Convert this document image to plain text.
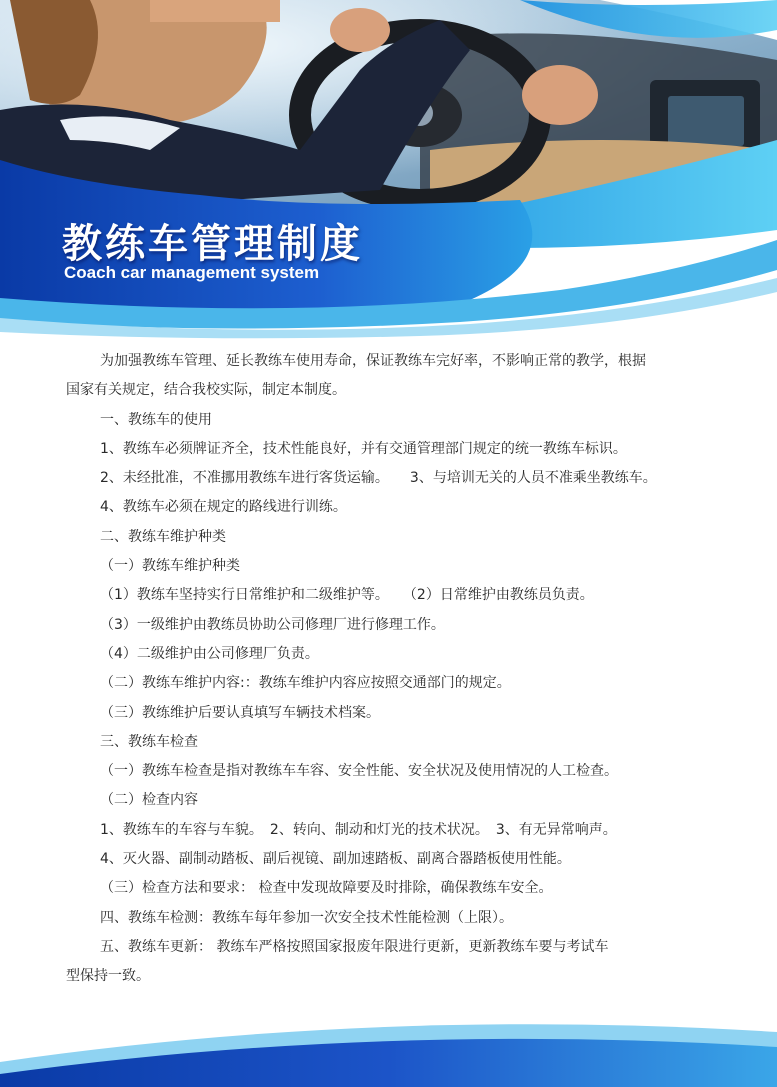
教练车管理制度

Coach car management system

为加强教练车管理、延长教练车使用寿命，保证教练车完好率，不影响正常的教学，根据

国家有关规定，结合我校实际，制定本制度。

一、教练车的使用

1、教练车必须牌证齐全，技术性能良好，并有交通管理部门规定的统一教练车标识。

2、未经批准，不准挪用教练车进行客货运输。　　3、与培训无关的人员不准乘坐教练车。

4、教练车必须在规定的路线进行训练。

二、教练车维护种类

（一）教练车维护种类

（1）教练车坚持实行日常维护和二级维护等。　　（2）日常维护由教练员负责。

（3）一级维护由教练员协助公司修理厂进行修理工作。

（4）二级维护由公司修理厂负责。

（二）教练车维护内容:：教练车维护内容应按照交通部门的规定。

（三）教练维护后要认真填写车辆技术档案。

三、教练车检查

（一）教练车检查是指对教练车车容、安全性能、安全状况及使用情况的人工检查。

（二）检查内容

1、教练车的车容与车貌。　2、转向、制动和灯光的技术状况。　3、有无异常响声。

4、灭火器、副制动踏板、副后视镜、副加速踏板、副离合器踏板使用性能。

（三）检查方法和要求： 检查中发现故障要及时排除，确保教练车安全。

四、教练车检测：教练车每年参加一次安全技术性能检测（上限）。

五、教练车更新： 教练车严格按照国家报废年限进行更新，更新教练车要与考试车

型保持一致。
